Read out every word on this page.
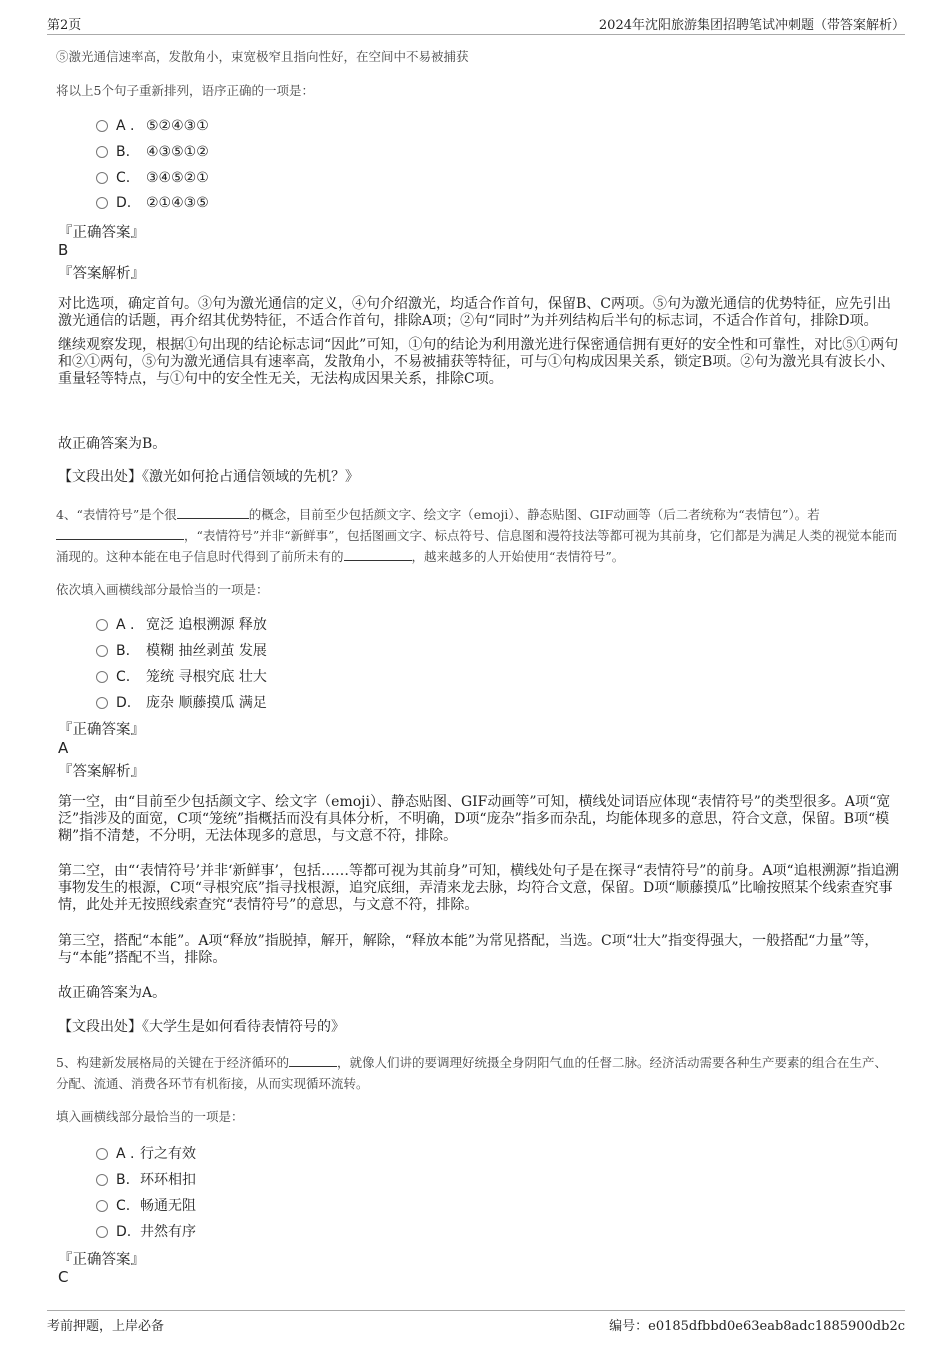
第2页	2024年沈阳旅游集团招聘笔试冲刺题（带答案解析）
⑤激光通信速率高，发散角小，束宽极窄且指向性好，在空间中不易被捕获
将以上5个句子重新排列，语序正确的一项是：
A . ⑤②④③①
B. ④③⑤①②
C. ③④⑤②①
D. ②①④③⑤
『正确答案』
B
『答案解析』
对比选项，确定首句。③句为激光通信的定义，④句介绍激光，均适合作首句，保留B、C两项。⑤句为激光通信的优势特征，应先引出激光通信的话题，再介绍其优势特征，不适合作首句，排除A项；②句“同时”为并列结构后半句的标志词，不适合作首句，排除D项。
继续观察发现，根据①句出现的结论标志词“因此”可知，①句的结论为利用激光进行保密通信拥有更好的安全性和可靠性，对比⑤①两句和②①两句，⑤句为激光通信具有速率高，发散角小，不易被捕获等特征，可与①句构成因果关系，锁定B项。②句为激光具有波长小、重量轻等特点，与①句中的安全性无关，无法构成因果关系，排除C项。
故正确答案为B。
【文段出处】《激光如何抢占通信领域的先机？》
4、“表情符号”是个很	的概念，目前至少包括颜文字、绘文字（emoji）、静态贴图、GIF动画等（后二者统称为“表情包”）。若，“表情符号”并非“新鲜事”，包括图画文字、标点符号、信息图和漫符技法等都可视为其前身，它们都是为满足人类的视觉本能而涌现的。这种本能在电子信息时代得到了前所未有的	，越来越多的人开始使用“表情符号”。
依次填入画横线部分最恰当的一项是：
A . 宽泛 追根溯源 释放
B. 模糊 抽丝剥茧 发展
C. 笼统 寻根究底 壮大
D. 庞杂 顺藤摸瓜 满足
『正确答案』
A
『答案解析』
第一空，由“目前至少包括颜文字、绘文字（emoji）、静态贴图、GIF动画等”可知，横线处词语应体现“表情符号”的类型很多。A项“宽泛”指涉及的面宽，C项“笼统”指概括而没有具体分析，不明确，D项“庞杂”指多而杂乱，均能体现多的意思，符合文意，保留。B项“模糊”指不清楚，不分明，无法体现多的意思，与文意不符，排除。
第二空，由“‘表情符号’并非‘新鲜事’，包括……等都可视为其前身”可知，横线处句子是在探寻“表情符号”的前身。A项“追根溯源”指追溯事物发生的根源，C项“寻根究底”指寻找根源，追究底细，弄清来龙去脉，均符合文意，保留。D项“顺藤摸瓜”比喻按照某个线索查究事情，此处并无按照线索查究“表情符号”的意思，与文意不符，排除。
第三空，搭配“本能”。A项“释放”指脱掉，解开，解除，“释放本能”为常见搭配，当选。C项“壮大”指变得强大，一般搭配“力量”等，与“本能”搭配不当，排除。
故正确答案为A。
【文段出处】《大学生是如何看待表情符号的》
5、构建新发展格局的关键在于经济循环的	，就像人们讲的要调理好统摄全身阴阳气血的任督二脉。经济活动需要各种生产要素的组合在生产、分配、流通、消费各环节有机衔接，从而实现循环流转。
填入画横线部分最恰当的一项是：
A . 行之有效
B. 环环相扣
C. 畅通无阻
D. 井然有序
『正确答案』
C
考前押题，上岸必备	编号：e0185dfbbd0e63eab8adc1885900db2c
